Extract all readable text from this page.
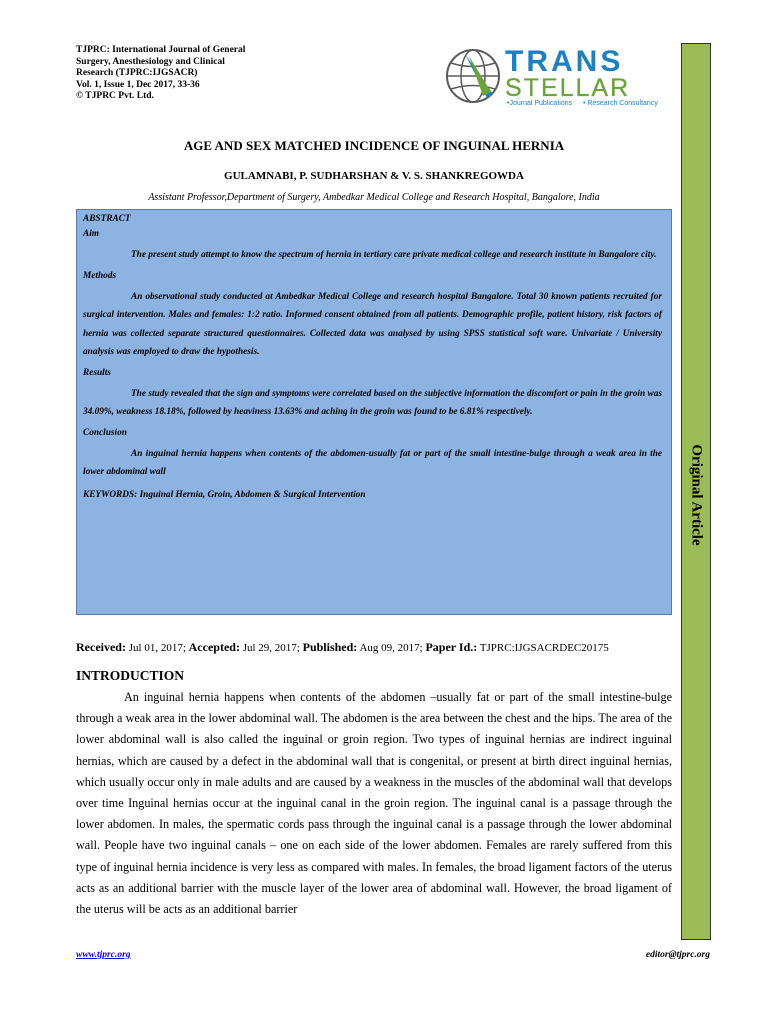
TJPRC: International Journal of General
Surgery, Anesthesiology and Clinical
Research (TJPRC:IJGSACR)
Vol. 1, Issue 1, Dec 2017, 33-36
© TJPRC Pvt. Ltd.
TRANS
STELLAR
•Journal Publications • Research Consultancy
Original Article
AGE AND SEX MATCHED INCIDENCE OF INGUINAL HERNIA
GULAMNABI, P. SUDHARSHAN & V. S. SHANKREGOWDA
Assistant Professor,Department of Surgery, Ambedkar Medical College and Research Hospital, Bangalore, India
ABSTRACT
Aim
The present study attempt to know the spectrum of hernia in tertiary care private medical college and research institute in Bangalore city.
Methods
An observational study conducted at Ambedkar Medical College and research hospital Bangalore. Total 30 known patients recruited for surgical intervention. Males and females: 1:2 ratio. Informed consent obtained from all patients. Demographic profile, patient history, risk factors of hernia was collected separate structured questionnaires. Collected data was analysed by using SPSS statistical soft ware. Univariate / University analysis was employed to draw the hypothesis.
Results
The study revealed that the sign and symptoms were correlated based on the subjective information the discomfort or pain in the groin was 34.09%, weakness 18.18%, followed by heaviness 13.63% and aching in the groin was found to be 6.81% respectively.
Conclusion
An inguinal hernia happens when contents of the abdomen-usually fat or part of the small intestine-bulge through a weak area in the lower abdominal wall
KEYWORDS: Inguinal Hernia, Groin, Abdomen & Surgical Intervention
Received: Jul 01, 2017; Accepted: Jul 29, 2017; Published: Aug 09, 2017; Paper Id.: TJPRC:IJGSACRDEC20175
INTRODUCTION

An inguinal hernia happens when contents of the abdomen –usually fat or part of the small intestine-bulge through a weak area in the lower abdominal wall. The abdomen is the area between the chest and the hips. The area of the lower abdominal wall is also called the inguinal or groin region. Two types of inguinal hernias are indirect inguinal hernias, which are caused by a defect in the abdominal wall that is congenital, or present at birth direct inguinal hernias, which usually occur only in male adults and are caused by a weakness in the muscles of the abdominal wall that develops over time Inguinal hernias occur at the inguinal canal in the groin region. The inguinal canal is a passage through the lower abdomen. In males, the spermatic cords pass through the inguinal canal is a passage through the lower abdominal wall. People have two inguinal canals – one on each side of the lower abdomen. Females are rarely suffered from this type of inguinal hernia incidence is very less as compared with males. In females, the broad ligament factors of the uterus acts as an additional barrier with the muscle layer of the lower area of abdominal wall. However, the broad ligament of the uterus will be acts as an additional barrier

www.tjprc.org	editor@tjprc.org
